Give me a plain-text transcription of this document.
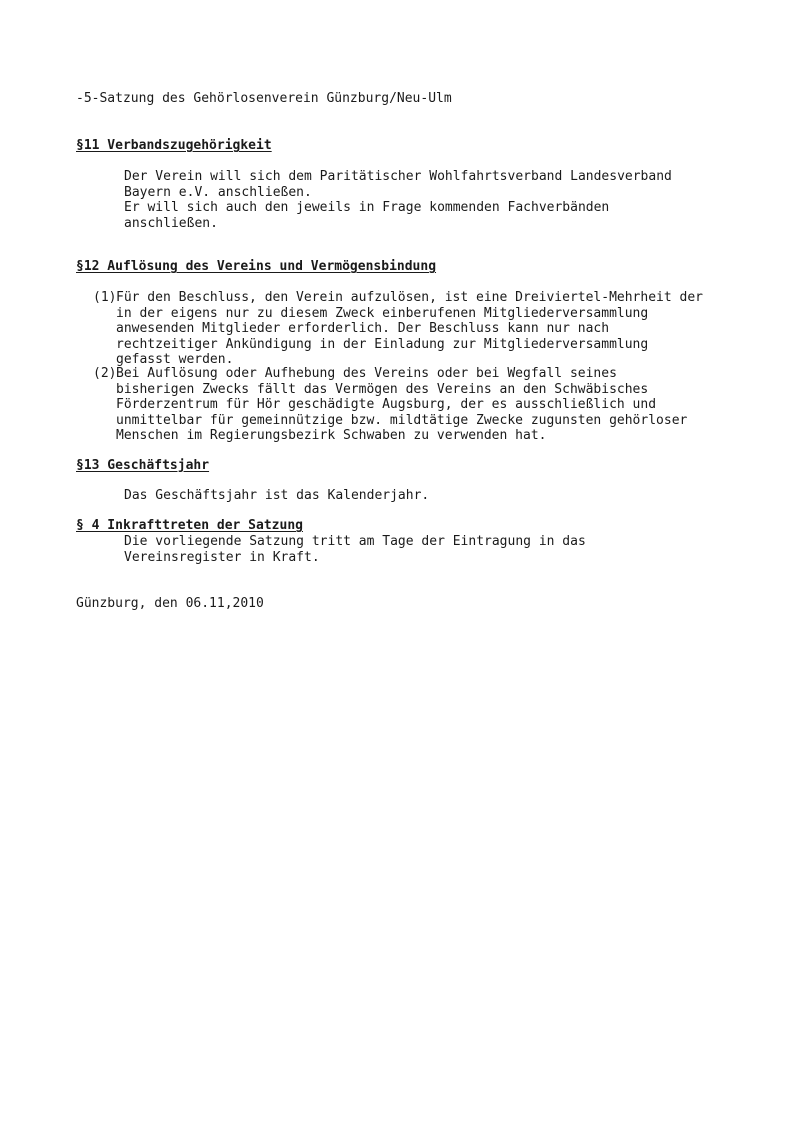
-5-Satzung des Gehörlosenverein Günzburg/Neu-Ulm
§11 Verbandszugehörigkeit
Der Verein will sich dem Paritätischer Wohlfahrtsverband Landesverband
Bayern e.V. anschließen.
Er will sich auch den jeweils in Frage kommenden Fachverbänden
anschließen.
§12 Auflösung des Vereins und Vermögensbindung
(1) Für den Beschluss, den Verein aufzulösen, ist eine Dreiviertel-Mehrheit der
in der eigens nur zu diesem Zweck einberufenen Mitgliederversammlung
anwesenden Mitglieder erforderlich. Der Beschluss kann nur nach
rechtzeitiger Ankündigung in der Einladung zur Mitgliederversammlung
gefasst werden.
(2) Bei Auflösung oder Aufhebung des Vereins oder bei Wegfall seines
bisherigen Zwecks fällt das Vermögen des Vereins an den Schwäbisches
Förderzentrum für Hör geschädigte Augsburg, der es ausschließlich und
unmittelbar für gemeinnützige bzw. mildtätige Zwecke zugunsten gehörloser
Menschen im Regierungsbezirk Schwaben zu verwenden hat.
§13 Geschäftsjahr
Das Geschäftsjahr ist das Kalenderjahr.
§ 4 Inkrafttreten der Satzung
Die vorliegende Satzung tritt am Tage der Eintragung in das
Vereinsregister in Kraft.
Günzburg, den 06.11,2010
